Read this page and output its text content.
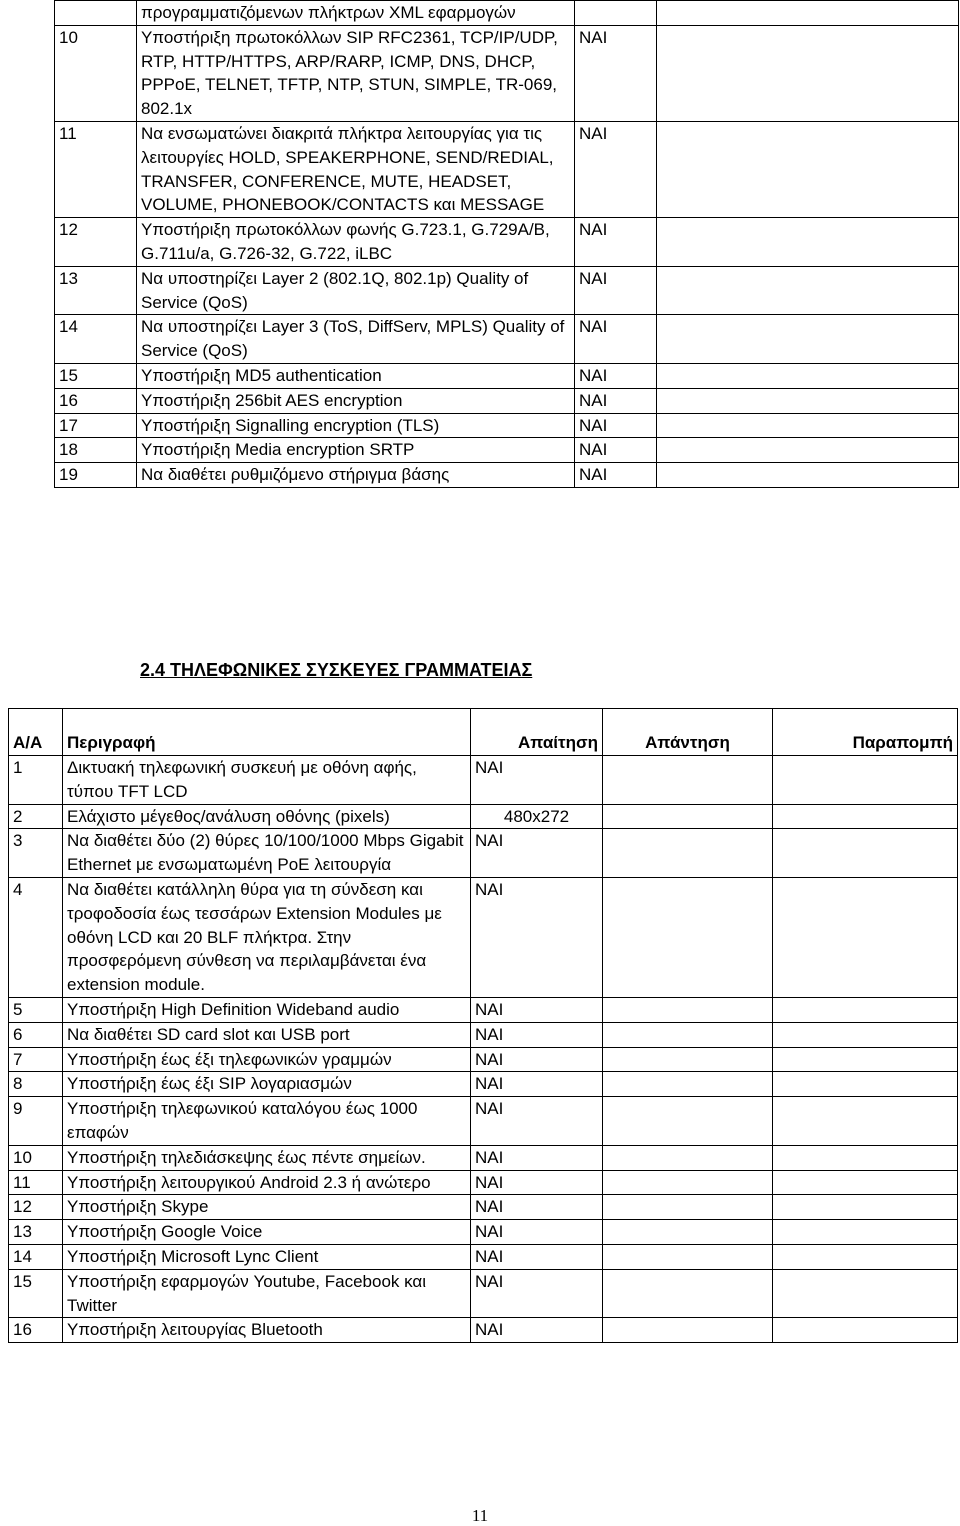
	προγραμματιζόμενων πλήκτρων XML εφαρμογών		
10	Υποστήριξη πρωτοκόλλων SIP RFC2361, TCP/IP/UDP, RTP, HTTP/HTTPS, ARP/RARP, ICMP, DNS, DHCP, PPPoE, TELNET, TFTP, NTP, STUN, SIMPLE, TR-069, 802.1x	ΝΑΙ	
11	Να ενσωματώνει διακριτά πλήκτρα λειτουργίας για τις λειτουργίες HOLD, SPEAKERPHONE, SEND/REDIAL, TRANSFER, CONFERENCE, MUTE, HEADSET, VOLUME, PHONEBOOK/CONTACTS και MESSAGE	ΝΑΙ	
12	Υποστήριξη πρωτοκόλλων φωνής G.723.1, G.729A/B, G.711u/a, G.726-32, G.722, iLBC	ΝΑΙ	
13	Να υποστηρίζει Layer 2 (802.1Q, 802.1p) Quality of Service (QoS)	ΝΑΙ	
14	Να υποστηρίζει Layer 3 (ToS, DiffServ, MPLS) Quality of Service (QoS)	ΝΑΙ	
15	Υποστήριξη MD5 authentication	ΝΑΙ	
16	Υποστήριξη 256bit AES encryption	ΝΑΙ	
17	Υποστήριξη Signalling encryption (TLS)	ΝΑΙ	
18	Υποστήριξη Media encryption SRTP	ΝΑΙ	
19	Να διαθέτει ρυθμιζόμενο στήριγμα βάσης	ΝΑΙ	
2.4 ΤΗΛΕΦΩΝΙΚΕΣ ΣΥΣΚΕΥΕΣ ΓΡΑΜΜΑΤΕΙΑΣ
Α/Α	Περιγραφή	Απαίτηση	Απάντηση	Παραπομπή
1	Δικτυακή τηλεφωνική συσκευή με οθόνη αφής, τύπου TFT LCD	ΝΑΙ		
2	Ελάχιστο μέγεθος/ανάλυση οθόνης (pixels)	480x272		
3	Να διαθέτει δύο (2) θύρες 10/100/1000 Mbps Gigabit Ethernet με ενσωματωμένη PoE λειτουργία	ΝΑΙ		
4	Να διαθέτει κατάλληλη θύρα για τη σύνδεση και τροφοδοσία έως τεσσάρων Extension Modules με οθόνη LCD και 20 BLF πλήκτρα. Στην προσφερόμενη σύνθεση να περιλαμβάνεται ένα extension module.	ΝΑΙ		
5	Υποστήριξη High Definition Wideband audio	ΝΑΙ		
6	Να διαθέτει SD card slot και USB port	ΝΑΙ		
7	Υποστήριξη έως έξι τηλεφωνικών γραμμών	ΝΑΙ		
8	Υποστήριξη έως έξι SIP λογαριασμών	ΝΑΙ		
9	Υποστήριξη τηλεφωνικού καταλόγου έως 1000 επαφών	ΝΑΙ		
10	Υποστήριξη τηλεδιάσκεψης έως πέντε σημείων.	ΝΑΙ		
11	Υποστήριξη λειτουργικού Android 2.3 ή ανώτερο	ΝΑΙ		
12	Υποστήριξη Skype	ΝΑΙ		
13	Υποστήριξη Google Voice	ΝΑΙ		
14	Υποστήριξη Microsoft Lync Client	ΝΑΙ		
15	Υποστήριξη εφαρμογών Youtube, Facebook και Twitter	ΝΑΙ		
16	Υποστήριξη λειτουργίας Bluetooth	ΝΑΙ		
11
